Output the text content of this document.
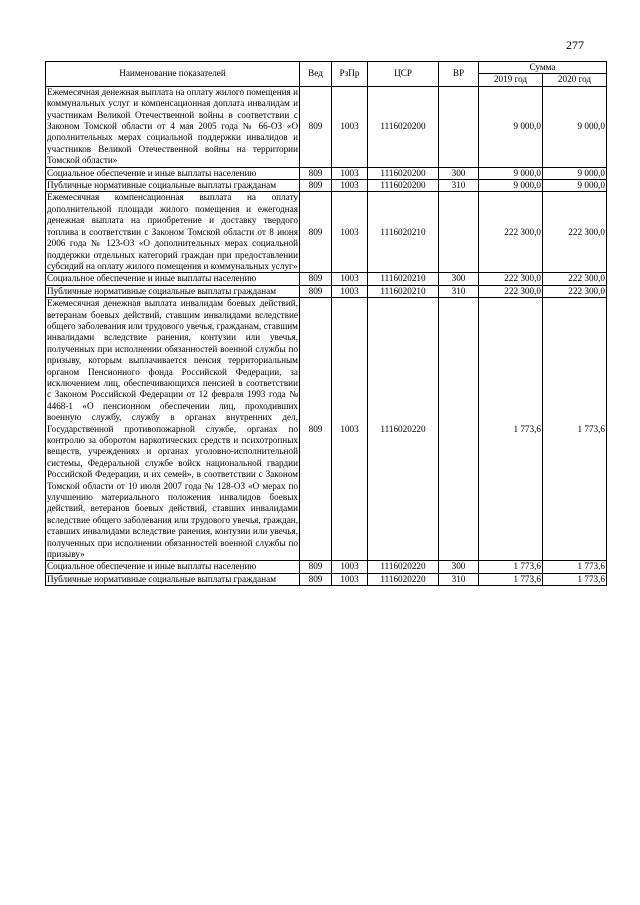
277
Наименование показателей	Вед	РзПр	ЦСР	ВР	Сумма	
					2019 год	2020 год
Ежемесячная денежная выплата на оплату жилого помещения и коммунальных услуг и компенсационная доплата инвалидам и участникам Великой Отечественной войны в соответствии с Законом Томской области от 4 мая 2005 года № 66-ОЗ «О дополнительных мерах социальной поддержки инвалидов и участников Великой Отечественной войны на территории Томской области»	809	1003	1116020200		9 000,0	9 000,0
Социальное обеспечение и иные выплаты населению	809	1003	1116020200	300	9 000,0	9 000,0
Публичные нормативные социальные выплаты гражданам	809	1003	1116020200	310	9 000,0	9 000,0
Ежемесячная компенсационная выплата на оплату дополнительной площади жилого помещения и ежегодная денежная выплата на приобретение и доставку твердого топлива в соответствии с Законом Томской области от 8 июня 2006 года № 123-ОЗ «О дополнительных мерах социальной поддержки отдельных категорий граждан при предоставлении субсидий на оплату жилого помещения и коммунальных услуг»	809	1003	1116020210		222 300,0	222 300,0
Социальное обеспечение и иные выплаты населению	809	1003	1116020210	300	222 300,0	222 300,0
Публичные нормативные социальные выплаты гражданам	809	1003	1116020210	310	222 300,0	222 300,0
Ежемесячная денежная выплата инвалидам боевых действий, ветеранам боевых действий, ставшим инвалидами вследствие общего заболевания или трудового увечья, гражданам, ставшим инвалидами вследствие ранения, контузии или увечья, полученных при исполнении обязанностей военной службы по призыву, которым выплачивается пенсия территориальным органом Пенсионного фонда Российской Федерации, за исключением лиц, обеспечивающихся пенсией в соответствии с Законом Российской Федерации от 12 февраля 1993 года № 4468-1 «О пенсионном обеспечении лиц, проходивших военную службу, службу в органах внутренних дел, Государственной противопожарной службе, органах по контролю за оборотом наркотических средств и психотропных веществ, учреждениях и органах уголовно-исполнительной системы, Федеральной службе войск национальной гвардии Российской Федерации, и их семей», в соответствии с Законом Томской области от 10 июля 2007 года № 128-ОЗ «О мерах по улучшению материального положения инвалидов боевых действий, ветеранов боевых действий, ставших инвалидами вследствие общего заболевания или трудового увечья, граждан, ставших инвалидами вследствие ранения, контузии или увечья, полученных при исполнении обязанностей военной службы по призыву»	809	1003	1116020220		1 773,6	1 773,6
Социальное обеспечение и иные выплаты населению	809	1003	1116020220	300	1 773,6	1 773,6
Публичные нормативные социальные выплаты гражданам	809	1003	1116020220	310	1 773,6	1 773,6
